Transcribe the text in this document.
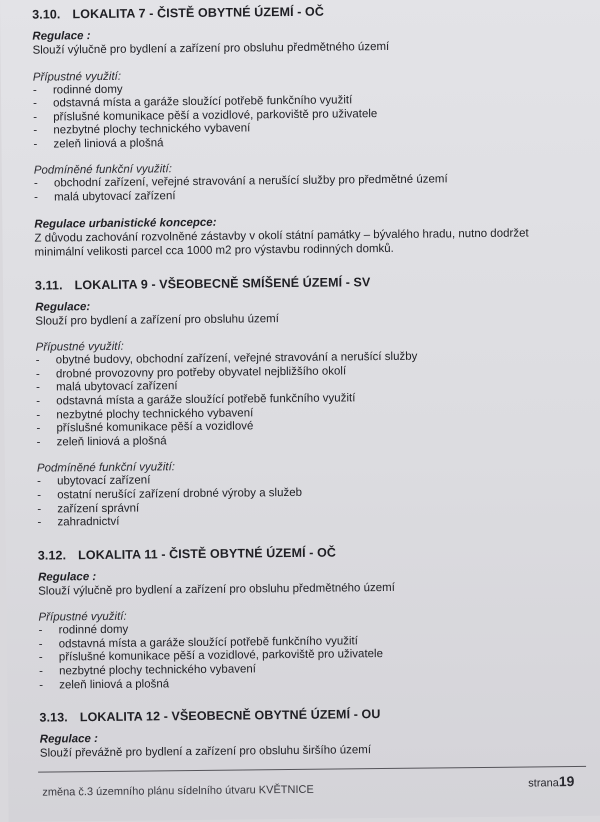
3.10. LOKALITA 7 - ČISTĚ OBYTNÉ ÚZEMÍ - OČ
Regulace :
Slouží výlučně pro bydlení a zařízení pro obsluhu předmětného území
Přípustné využití:
- rodinné domy
- odstavná místa a garáže sloužící potřebě funkčního využití
- příslušné komunikace pěší a vozidlové, parkoviště pro uživatele
- nezbytné plochy technického vybavení
- zeleň liniová a plošná
Podmíněné funkční využití:
- obchodní zařízení, veřejné stravování a nerušící služby pro předmětné území
- malá ubytovací zařízení
Regulace urbanistické koncepce:
Z důvodu zachování rozvolněné zástavby v okolí státní památky – bývalého hradu, nutno dodržet minimální velikosti parcel cca 1000 m2 pro výstavbu rodinných domků.
3.11. LOKALITA 9 - VŠEOBECNĚ SMÍŠENÉ ÚZEMÍ - SV
Regulace:
Slouží pro bydlení a zařízení pro obsluhu území
Přípustné využití:
- obytné budovy, obchodní zařízení, veřejné stravování a nerušící služby
- drobné provozovny pro potřeby obyvatel nejbližšího okolí
- malá ubytovací zařízení
- odstavná místa a garáže sloužící potřebě funkčního využití
- nezbytné plochy technického vybavení
- příslušné komunikace pěší a vozidlové
- zeleň liniová a plošná
Podmíněné funkční využití:
- ubytovací zařízení
- ostatní nerušící zařízení drobné výroby a služeb
- zařízení správní
- zahradnictví
3.12. LOKALITA 11 - ČISTĚ OBYTNÉ ÚZEMÍ - OČ
Regulace :
Slouží výlučně pro bydlení a zařízení pro obsluhu předmětného území
Přípustné využití:
- rodinné domy
- odstavná místa a garáže sloužící potřebě funkčního využití
- příslušné komunikace pěší a vozidlové, parkoviště pro uživatele
- nezbytné plochy technického vybavení
- zeleň liniová a plošná
3.13. LOKALITA 12 - VŠEOBECNĚ OBYTNÉ ÚZEMÍ - OU
Regulace :
Slouží převážně pro bydlení a zařízení pro obsluhu širšího území
změna č.3 územního plánu sídelního útvaru KVĚTNICE
strana19
